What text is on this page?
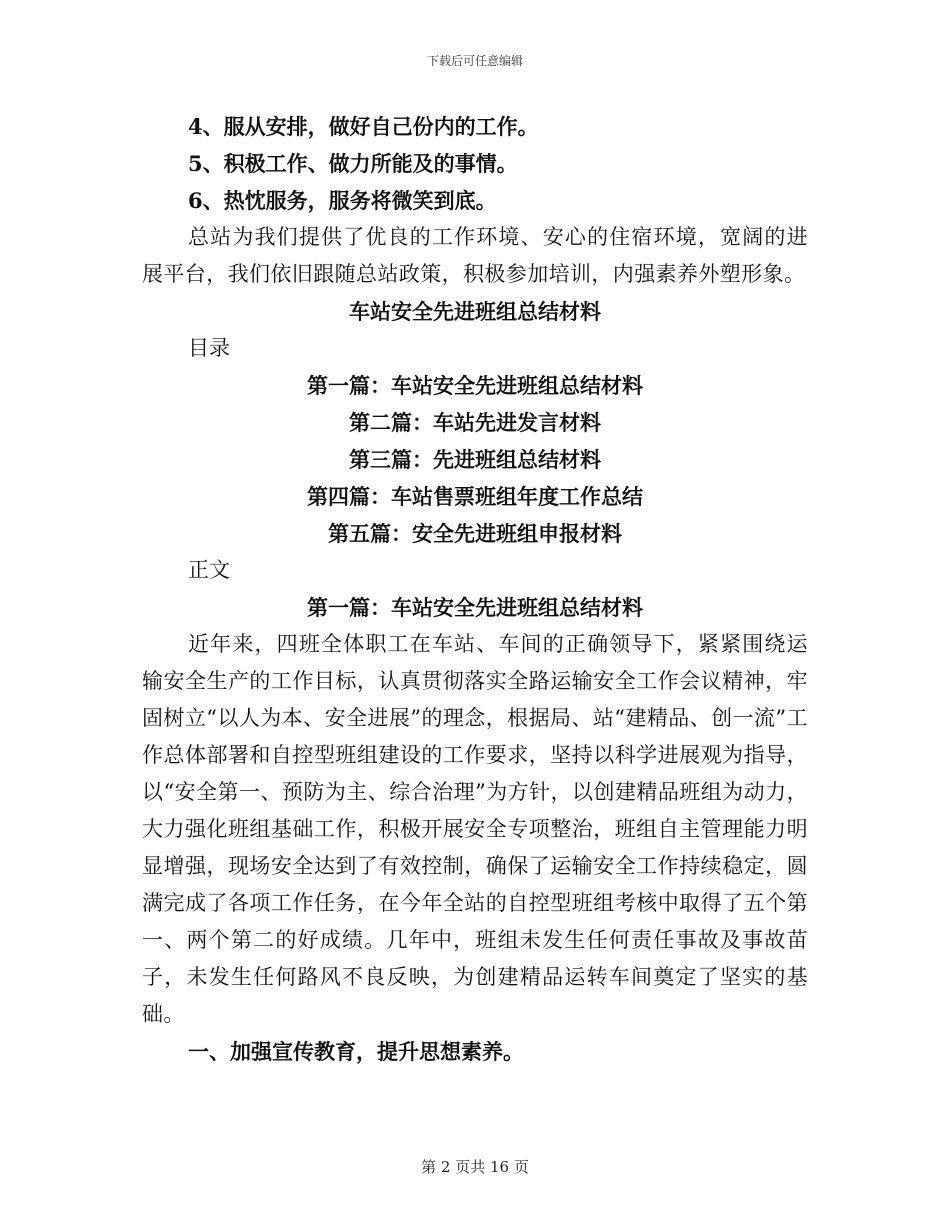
下载后可任意编辑
4、服从安排，做好自己份内的工作。
5、积极工作、做力所能及的事情。
6、热忱服务，服务将微笑到底。

总站为我们提供了优良的工作环境、安心的住宿环境，宽阔的进展平台，我们依旧跟随总站政策，积极参加培训，内强素养外塑形象。

车站安全先进班组总结材料
目录
第一篇：车站安全先进班组总结材料
第二篇：车站先进发言材料
第三篇：先进班组总结材料
第四篇：车站售票班组年度工作总结
第五篇：安全先进班组申报材料
正文
第一篇：车站安全先进班组总结材料

近年来，四班全体职工在车站、车间的正确领导下，紧紧围绕运输安全生产的工作目标，认真贯彻落实全路运输安全工作会议精神，牢固树立“以人为本、安全进展”的理念，根据局、站“建精品、创一流”工作总体部署和自控型班组建设的工作要求，坚持以科学进展观为指导，以“安全第一、预防为主、综合治理”为方针，以创建精品班组为动力，大力强化班组基础工作，积极开展安全专项整治，班组自主管理能力明显增强，现场安全达到了有效控制，确保了运输安全工作持续稳定，圆满完成了各项工作任务，在今年全站的自控型班组考核中取得了五个第一、两个第二的好成绩。几年中，班组未发生任何责任事故及事故苗子，未发生任何路风不良反映，为创建精品运转车间奠定了坚实的基础。

一、加强宣传教育，提升思想素养。
第 2 页共 16 页
